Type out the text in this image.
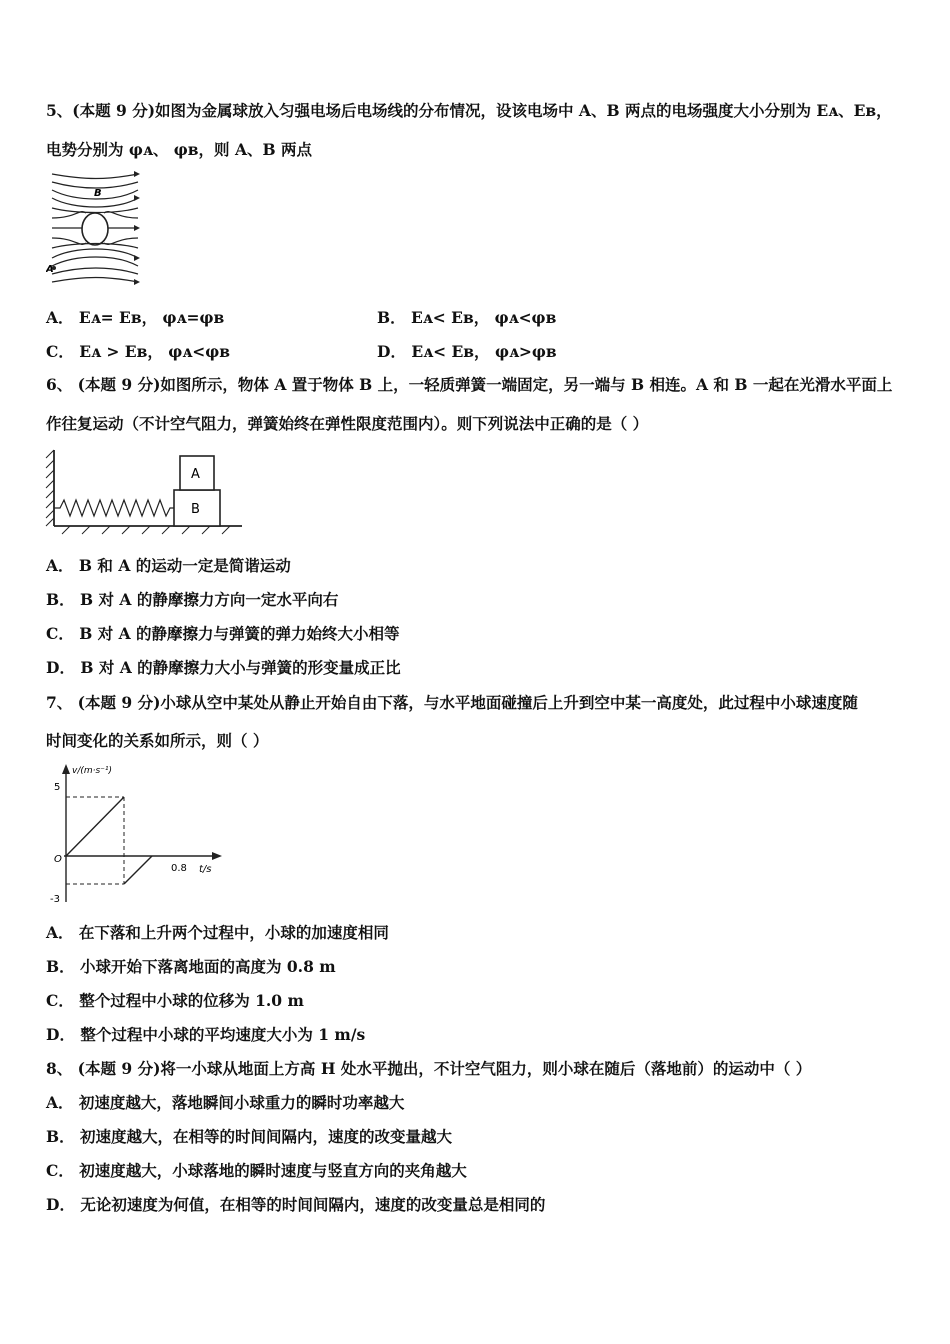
5、(本题 9 分)如图为金属球放入匀强电场后电场线的分布情况，设该电场中 A、B 两点的电场强度大小分别为 Eᴀ、Eʙ，
电势分别为 φᴀ、 φʙ，则 A、B 两点
B
A
A． Eᴀ= Eʙ， φᴀ=φʙ	B． Eᴀ< Eʙ， φᴀ<φʙ
C． Eᴀ > Eʙ， φᴀ<φʙ	D． Eᴀ< Eʙ， φᴀ>φʙ
6、 (本题 9 分)如图所示，物体 A 置于物体 B 上，一轻质弹簧一端固定，另一端与 B 相连。A 和 B 一起在光滑水平面上
作往复运动（不计空气阻力，弹簧始终在弹性限度范围内）。则下列说法中正确的是（ ）
A
B
A． B 和 A 的运动一定是简谐运动
B． B 对 A 的静摩擦力方向一定水平向右
C． B 对 A 的静摩擦力与弹簧的弹力始终大小相等
D． B 对 A 的静摩擦力大小与弹簧的形变量成正比
7、 (本题 9 分)小球从空中某处从静止开始自由下落，与水平地面碰撞后上升到空中某一高度处，此过程中小球速度随
时间变化的关系如所示，则（ ）
v/(m·s⁻¹)
t/s
5
-3
O
0.8
A． 在下落和上升两个过程中，小球的加速度相同
B． 小球开始下落离地面的高度为 0.8 m
C． 整个过程中小球的位移为 1.0 m
D． 整个过程中小球的平均速度大小为 1 m/s
8、 (本题 9 分)将一小球从地面上方高 H 处水平抛出，不计空气阻力，则小球在随后（落地前）的运动中（ ）
A． 初速度越大，落地瞬间小球重力的瞬时功率越大
B． 初速度越大，在相等的时间间隔内，速度的改变量越大
C． 初速度越大，小球落地的瞬时速度与竖直方向的夹角越大
D． 无论初速度为何值，在相等的时间间隔内，速度的改变量总是相同的
